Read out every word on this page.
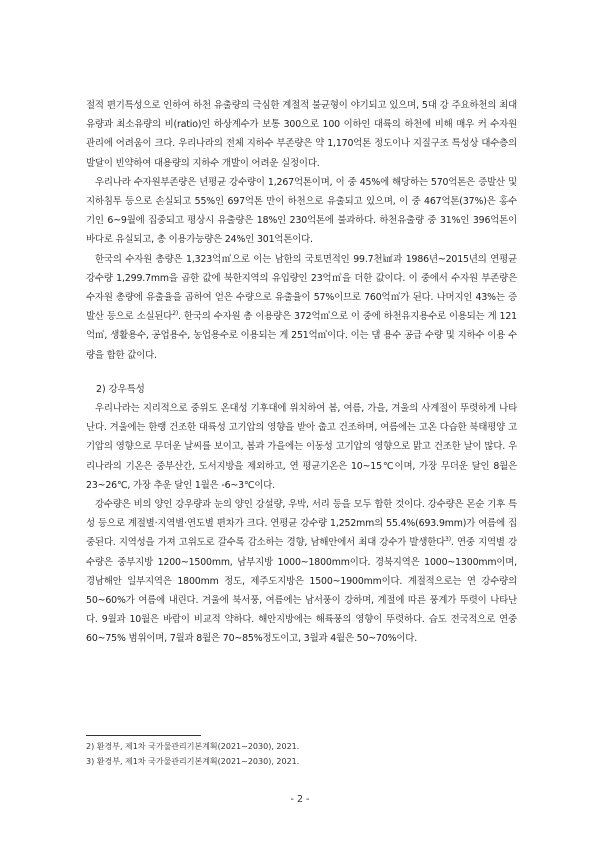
절적 편기특성으로 인하여 하천 유출량의 극심한 계절적 불균형이 야기되고 있으며, 5대 강 주요하천의 최대유량과 최소유량의 비(ratio)인 하상계수가 보통 300으로 100 이하인 대륙의 하천에 비해 매우 커 수자원 관리에 어려움이 크다. 우리나라의 전체 지하수 부존량은 약 1,170억톤 정도이나 지질구조 특성상 대수층의 발달이 빈약하여 대용량의 지하수 개발이 어려운 실정이다.

우리나라 수자원부존량은 년평균 강수량이 1,267억톤이며, 이 중 45%에 해당하는 570억톤은 증발산 및 지하침투 등으로 손실되고 55%인 697억톤 만이 하천으로 유출되고 있으며, 이 중 467억톤(37%)은 홍수기인 6~9월에 집중되고 평상시 유출량은 18%인 230억톤에 불과하다. 하천유출량 중 31%인 396억톤이 바다로 유실되고, 총 이용가능량은 24%인 301억톤이다.

한국의 수자원 총량은 1,323억㎥으로 이는 남한의 국토면적인 99.7천㎢과 1986년~2015년의 연평균 강수량 1,299.7mm을 곱한 값에 북한지역의 유입량인 23억㎥을 더한 값이다. 이 중에서 수자원 부존량은 수자원 총량에 유출율을 곱하여 얻은 수량으로 유출율이 57%이므로 760억㎥가 된다. 나머지인 43%는 증발산 등으로 소실된다$^{2)}$. 한국의 수자원 총 이용량은 372억㎥으로 이 중에 하천유지용수로 이용되는 게 121억㎥, 생활용수, 공업용수, 농업용수로 이용되는 게 251억㎥이다. 이는 댐 용수 공급 수량 및 지하수 이용 수량을 합한 값이다.

2) 강우특성

우리나라는 지리적으로 중위도 온대성 기후대에 위치하여 봄, 여름, 가을, 겨울의 사계절이 뚜렷하게 나타난다. 겨울에는 한랭 건조한 대륙성 고기압의 영향을 받아 춥고 건조하며, 여름에는 고온 다습한 북태평양 고기압의 영향으로 무더운 날씨를 보이고, 봄과 가을에는 이동성 고기압의 영향으로 맑고 건조한 날이 많다. 우리나라의 기온은 중부산간, 도서지방을 제외하고, 연 평균기온은 10~15℃이며, 가장 무더운 달인 8월은 23~26℃, 가장 추운 달인 1월은 -6~3℃이다.

강수량은 비의 양인 강우량과 눈의 양인 강설량, 우박, 서리 등을 모두 합한 것이다. 강수량은 몬순 기후 특성 등으로 계절별·지역별·연도별 편차가 크다. 연평균 강수량 1,252mm의 55.4%(693.9mm)가 여름에 집중된다. 지역성을 가져 고위도로 갈수록 감소하는 경향, 남해안에서 최대 강수가 발생한다$^{3)}$. 연중 지역별 강수량은 중부지방 1200~1500mm, 남부지방 1000~1800mm이다. 경북지역은 1000~1300mm이며, 경남해안 일부지역은 1800mm 정도, 제주도지방은 1500~1900mm이다. 계절적으로는 연 강수량의 50~60%가 여름에 내린다. 겨울에 북서풍, 여름에는 남서풍이 강하며, 계절에 따른 풍계가 뚜렷이 나타난다. 9월과 10월은 바람이 비교적 약하다. 해안지방에는 해륙풍의 영향이 뚜렷하다. 습도 전국적으로 연중 60~75% 범위이며, 7월과 8월은 70~85%정도이고, 3월과 4월은 50~70%이다.

2) 환경부, 제1차 국가물관리기본계획(2021~2030), 2021.

3) 환경부, 제1차 국가물관리기본계획(2021~2030), 2021.

- 2 -
